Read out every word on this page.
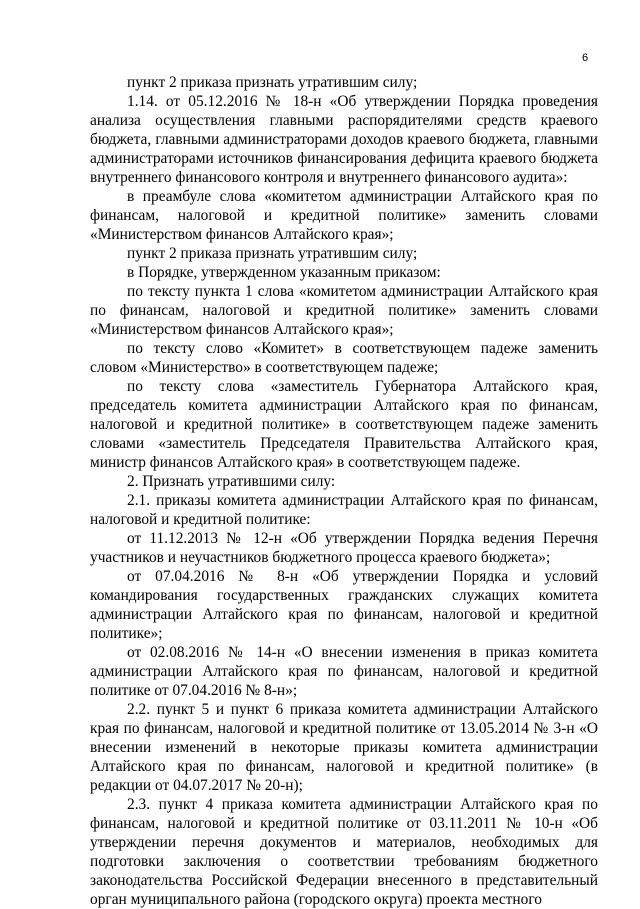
6

пункт 2 приказа признать утратившим силу;

1.14. от 05.12.2016 № 18-н «Об утверждении Порядка проведения анализа осуществления главными распорядителями средств краевого бюджета, главными администраторами доходов краевого бюджета, главными администраторами источников финансирования дефицита краевого бюджета внутреннего финансового контроля и внутреннего финансового аудита»:

в преамбуле слова «комитетом администрации Алтайского края по финансам, налоговой и кредитной политике» заменить словами «Министерством финансов Алтайского края»;

пункт 2 приказа признать утратившим силу;

в Порядке, утвержденном указанным приказом:

по тексту пункта 1 слова «комитетом администрации Алтайского края по финансам, налоговой и кредитной политике» заменить словами «Министерством финансов Алтайского края»;

по тексту слово «Комитет» в соответствующем падеже заменить словом «Министерство» в соответствующем падеже;

по тексту слова «заместитель Губернатора Алтайского края, председатель комитета администрации Алтайского края по финансам, налоговой и кредитной политике» в соответствующем падеже заменить словами «заместитель Председателя Правительства Алтайского края, министр финансов Алтайского края» в соответствующем падеже.

2. Признать утратившими силу:

2.1. приказы комитета администрации Алтайского края по финансам, налоговой и кредитной политике:

от 11.12.2013 № 12-н «Об утверждении Порядка ведения Перечня участников и неучастников бюджетного процесса краевого бюджета»;

от 07.04.2016 № 8-н «Об утверждении Порядка и условий командирования государственных гражданских служащих комитета администрации Алтайского края по финансам, налоговой и кредитной политике»;

от 02.08.2016 № 14-н «О внесении изменения в приказ комитета администрации Алтайского края по финансам, налоговой и кредитной политике от 07.04.2016 № 8-н»;

2.2. пункт 5 и пункт 6 приказа комитета администрации Алтайского края по финансам, налоговой и кредитной политике от 13.05.2014 № 3-н «О внесении изменений в некоторые приказы комитета администрации Алтайского края по финансам, налоговой и кредитной политике» (в редакции от 04.07.2017 № 20-н);

2.3. пункт 4 приказа комитета администрации Алтайского края по финансам, налоговой и кредитной политике от 03.11.2011 № 10-н «Об утверждении перечня документов и материалов, необходимых для подготовки заключения о соответствии требованиям бюджетного законодательства Российской Федерации внесенного в представительный орган муниципального района (городского округа) проекта местного
